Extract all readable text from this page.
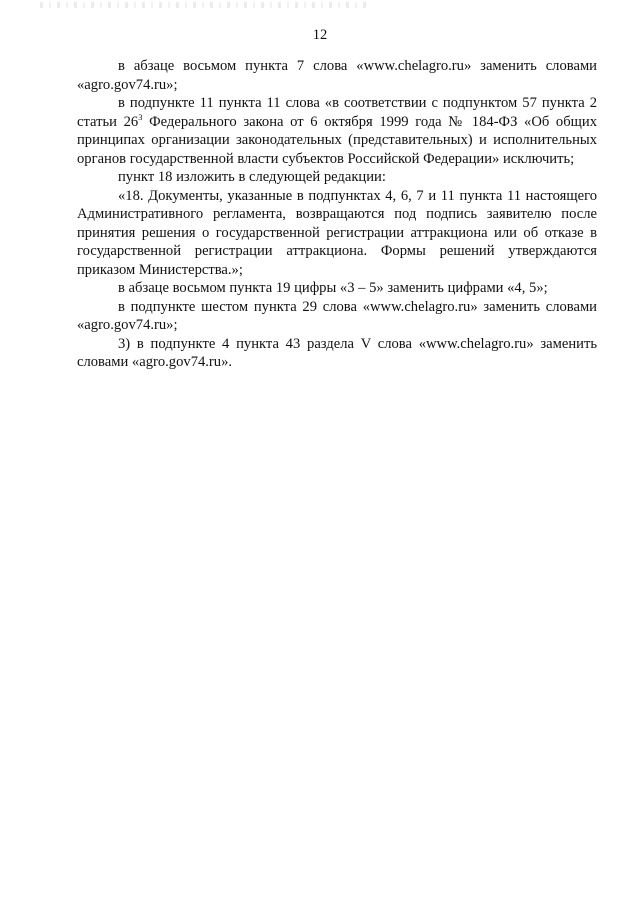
12

в абзаце восьмом пункта 7 слова «www.chelagro.ru» заменить словами «agro.gov74.ru»;

в подпункте 11 пункта 11 слова «в соответствии с подпунктом 57 пункта 2 статьи $26^3$ Федерального закона от 6 октября 1999 года № 184-ФЗ «Об общих принципах организации законодательных (представительных) и исполнительных органов государственной власти субъектов Российской Федерации» исключить;

пункт 18 изложить в следующей редакции:

«18. Документы, указанные в подпунктах 4, 6, 7 и 11 пункта 11 настоящего Административного регламента, возвращаются под подпись заявителю после принятия решения о государственной регистрации аттракциона или об отказе в государственной регистрации аттракциона. Формы решений утверждаются приказом Министерства.»;

в абзаце восьмом пункта 19 цифры «3 – 5» заменить цифрами «4, 5»;

в подпункте шестом пункта 29 слова «www.chelagro.ru» заменить словами «agro.gov74.ru»;

3) в подпункте 4 пункта 43 раздела V слова «www.chelagro.ru» заменить словами «agro.gov74.ru».
